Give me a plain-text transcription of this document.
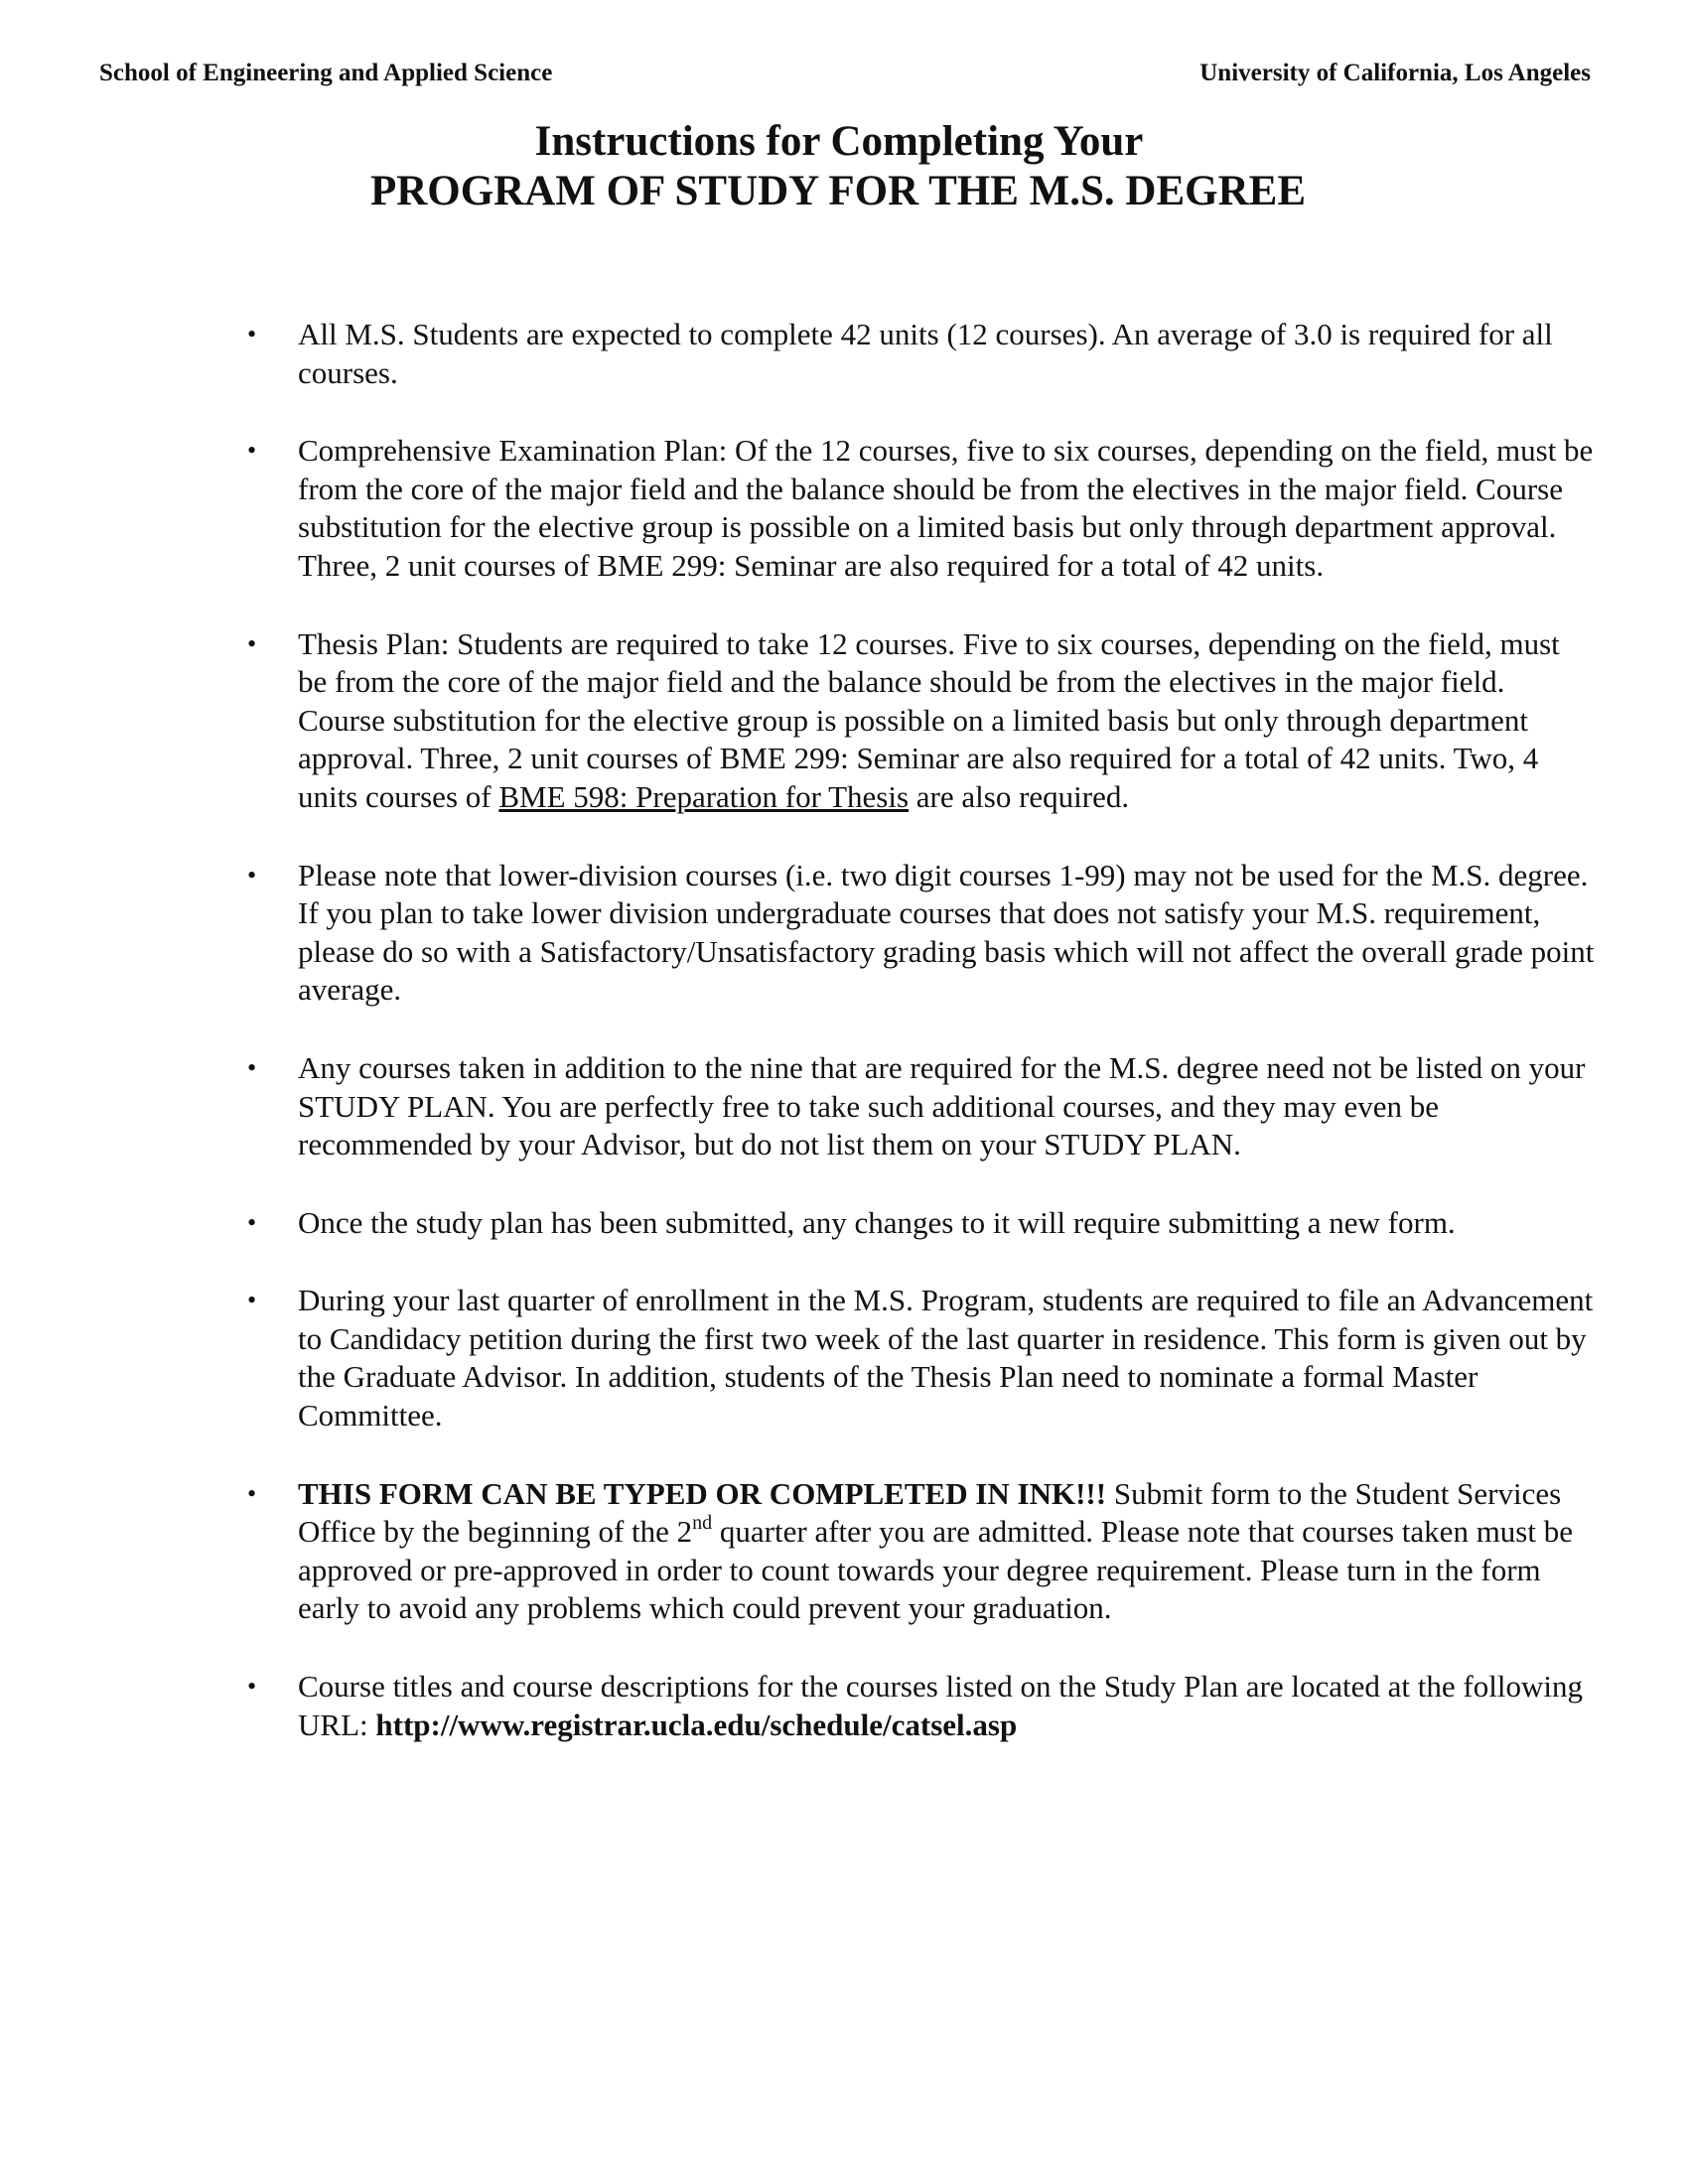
School of Engineering and Applied Science	University of California, Los Angeles
Instructions for Completing Your
PROGRAM OF STUDY FOR THE M.S. DEGREE
• All M.S. Students are expected to complete 42 units (12 courses). An average of 3.0 is required for all courses.
• Comprehensive Examination Plan: Of the 12 courses, five to six courses, depending on the field, must be from the core of the major field and the balance should be from the electives in the major field. Course substitution for the elective group is possible on a limited basis but only through department approval. Three, 2 unit courses of BME 299: Seminar are also required for a total of 42 units.
• Thesis Plan: Students are required to take 12 courses. Five to six courses, depending on the field, must be from the core of the major field and the balance should be from the electives in the major field. Course substitution for the elective group is possible on a limited basis but only through department approval. Three, 2 unit courses of BME 299: Seminar are also required for a total of 42 units. Two, 4 units courses of BME 598: Preparation for Thesis are also required.
• Please note that lower-division courses (i.e. two digit courses 1-99) may not be used for the M.S. degree. If you plan to take lower division undergraduate courses that does not satisfy your M.S. requirement, please do so with a Satisfactory/Unsatisfactory grading basis which will not affect the overall grade point average.
• Any courses taken in addition to the nine that are required for the M.S. degree need not be listed on your STUDY PLAN. You are perfectly free to take such additional courses, and they may even be recommended by your Advisor, but do not list them on your STUDY PLAN.
• Once the study plan has been submitted, any changes to it will require submitting a new form.
• During your last quarter of enrollment in the M.S. Program, students are required to file an Advancement to Candidacy petition during the first two week of the last quarter in residence. This form is given out by the Graduate Advisor. In addition, students of the Thesis Plan need to nominate a formal Master Committee.
• THIS FORM CAN BE TYPED OR COMPLETED IN INK!!! Submit form to the Student Services Office by the beginning of the 2nd quarter after you are admitted. Please note that courses taken must be approved or pre-approved in order to count towards your degree requirement. Please turn in the form early to avoid any problems which could prevent your graduation.
• Course titles and course descriptions for the courses listed on the Study Plan are located at the following URL: http://www.registrar.ucla.edu/schedule/catsel.asp
